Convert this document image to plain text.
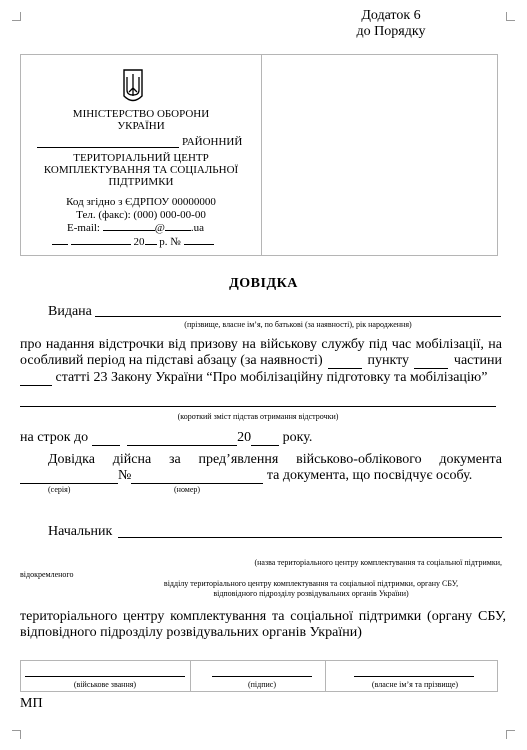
Додаток 6
до Порядку
МІНІСТЕРСТВО ОБОРОНИ
УКРАЇНИ
РАЙОННИЙ
ТЕРИТОРІАЛЬНИЙ ЦЕНТР
КОМПЛЕКТУВАННЯ ТА СОЦІАЛЬНОЇ
ПІДТРИМКИ
Код згідно з ЄДРПОУ 00000000
Тел. (факс): (000) 000-00-00
E-mail:	@ .ua
20 р. №
ДОВІДКА
Видана
(прізвище, власне ім’я, по батькові (за наявності), рік народження)
про надання відстрочки від призову на військову службу під час мобілізації, на
особливий період на підставі абзацу (за наявності)	пункту	частини
статті 23 Закону України “Про мобілізаційну підготовку та мобілізацію”
(короткий зміст підстав отримання відстрочки)
на строк до	20 року.
Довідка дійсна за пред’явлення військово-облікового документа
№	та документа, що посвідчує особу.
(серія)	(номер)
Начальник
(назва територіального центру комплектування та соціальної підтримки,
відокремленого
відділу територіального центру комплектування та соціальної підтримки, органу СБУ,
відповідного підрозділу розвідувальних органів України)
територіального центру комплектування та соціальної підтримки (органу СБУ,
відповідного підрозділу розвідувальних органів України)
(військове звання)	(підпис)	(власне ім’я та прізвище)
МП
